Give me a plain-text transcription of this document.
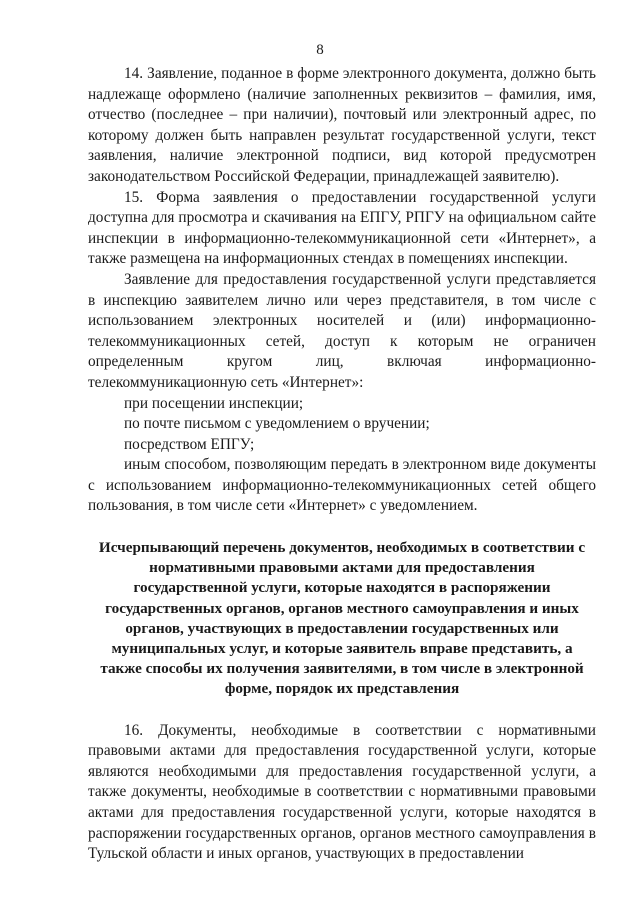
8

14. Заявление, поданное в форме электронного документа, должно быть надлежаще оформлено (наличие заполненных реквизитов – фамилия, имя, отчество (последнее – при наличии), почтовый или электронный адрес, по которому должен быть направлен результат государственной услуги, текст заявления, наличие электронной подписи, вид которой предусмотрен законодательством Российской Федерации, принадлежащей заявителю).

15. Форма заявления о предоставлении государственной услуги доступна для просмотра и скачивания на ЕПГУ, РПГУ на официальном сайте инспекции в информационно-телекоммуникационной сети «Интернет», а также размещена на информационных стендах в помещениях инспекции.

Заявление для предоставления государственной услуги представляется в инспекцию заявителем лично или через представителя, в том числе с использованием электронных носителей и (или) информационно-телекоммуникационных сетей, доступ к которым не ограничен определенным кругом лиц, включая информационно-телекоммуникационную сеть «Интернет»:

при посещении инспекции;

по почте письмом с уведомлением о вручении;

посредством ЕПГУ;

иным способом, позволяющим передать в электронном виде документы с использованием информационно-телекоммуникационных сетей общего пользования, в том числе сети «Интернет» с уведомлением.

Исчерпывающий перечень документов, необходимых в соответствии с нормативными правовыми актами для предоставления государственной услуги, которые находятся в распоряжении государственных органов, органов местного самоуправления и иных органов, участвующих в предоставлении государственных или муниципальных услуг, и которые заявитель вправе представить, а также способы их получения заявителями, в том числе в электронной форме, порядок их представления

16. Документы, необходимые в соответствии с нормативными правовыми актами для предоставления государственной услуги, которые являются необходимыми для предоставления государственной услуги, а также документы, необходимые в соответствии с нормативными правовыми актами для предоставления государственной услуги, которые находятся в распоряжении государственных органов, органов местного самоуправления в Тульской области и иных органов, участвующих в предоставлении
